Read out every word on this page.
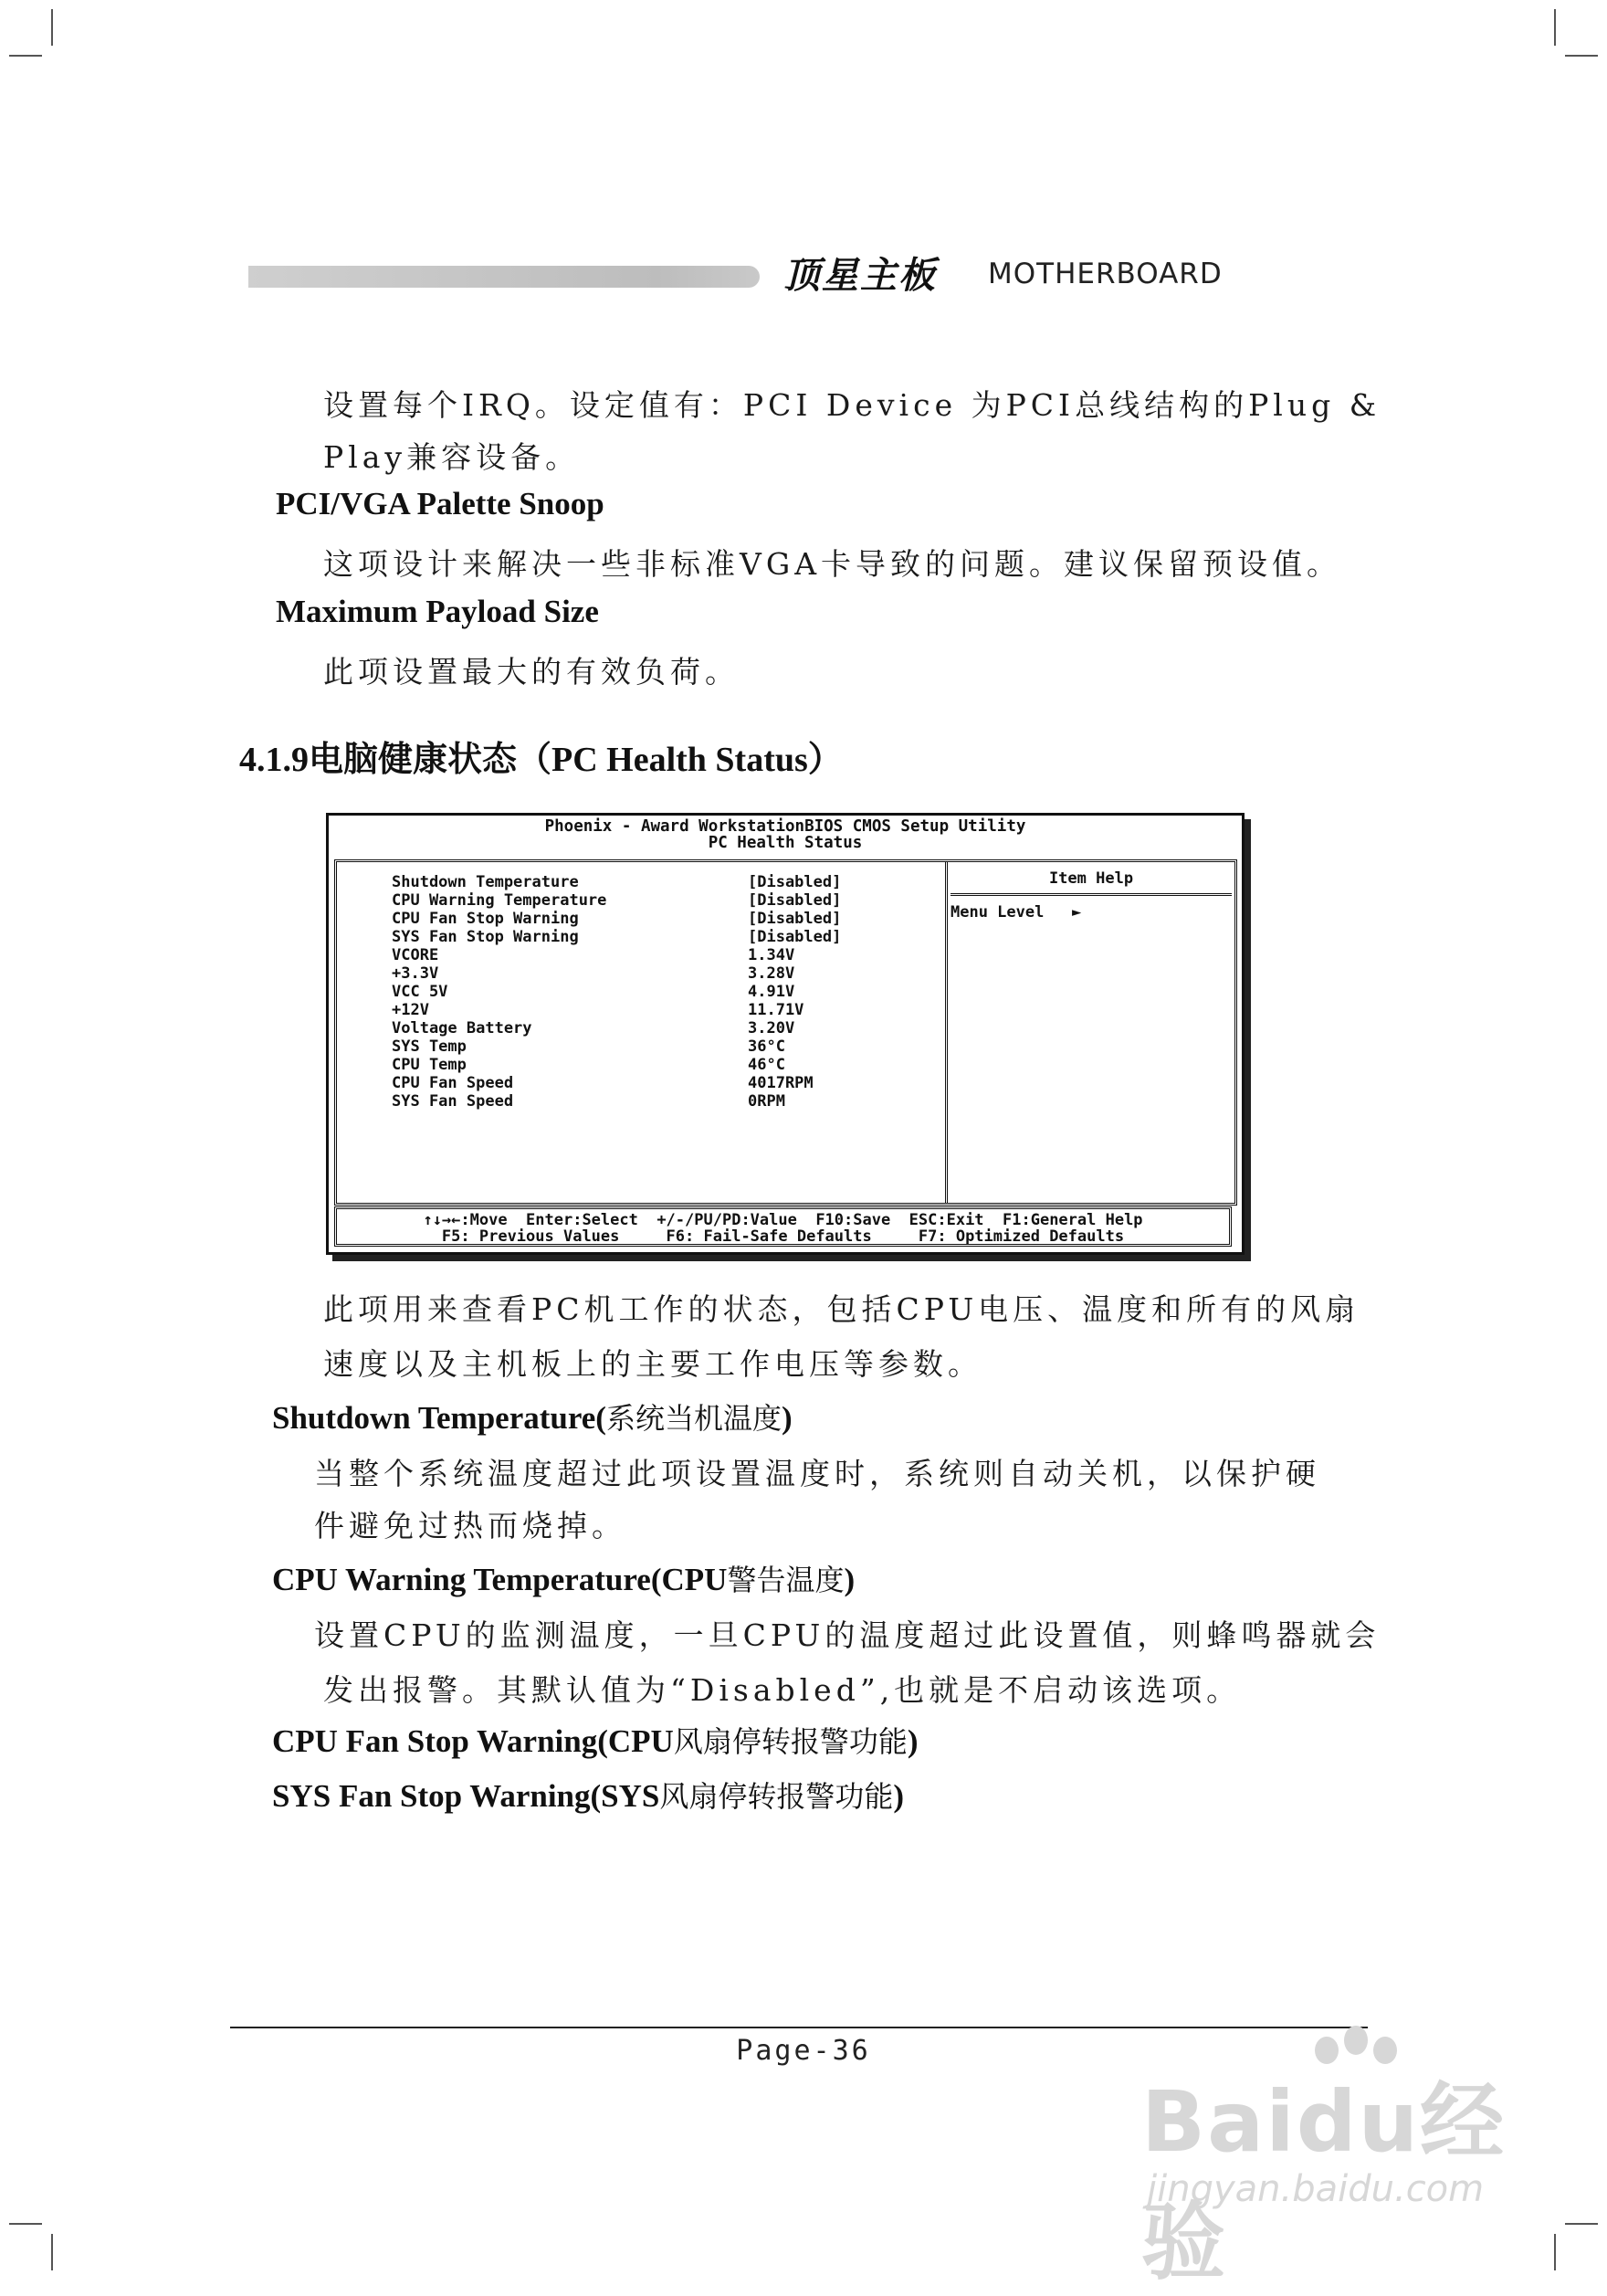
顶星主板 MOTHERBOARD
设置每个IRQ。设定值有：PCI Device 为PCI总线结构的Plug &
Play兼容设备。
PCI/VGA Palette Snoop
这项设计来解决一些非标准VGA卡导致的问题。建议保留预设值。
Maximum Payload Size
此项设置最大的有效负荷。
4.1.9电脑健康状态（PC Health Status）
Phoenix - Award WorkstationBIOS CMOS Setup Utility
PC Health Status
Shutdown Temperature	[Disabled]
CPU Warning Temperature	[Disabled]
CPU Fan Stop Warning	[Disabled]
SYS Fan Stop Warning	[Disabled]
VCORE	1.34V
+3.3V	3.28V
VCC 5V	4.91V
+12V	11.71V
Voltage Battery	3.20V
SYS Temp	36°C
CPU Temp	46°C
CPU Fan Speed	4017RPM
SYS Fan Speed	0RPM
Item Help
Menu Level   ►
↑↓→←:Move  Enter:Select  +/-/PU/PD:Value  F10:Save  ESC:Exit  F1:General Help
F5: Previous Values     F6: Fail-Safe Defaults     F7: Optimized Defaults
此项用来查看PC机工作的状态，包括CPU电压、温度和所有的风扇
速度以及主机板上的主要工作电压等参数。
Shutdown Temperature(系统当机温度)
当整个系统温度超过此项设置温度时，系统则自动关机，以保护硬
件避免过热而烧掉。
CPU Warning Temperature(CPU警告温度)
设置CPU的监测温度，一旦CPU的温度超过此设置值，则蜂鸣器就会
发出报警。其默认值为“Disabled”,也就是不启动该选项。
CPU Fan Stop Warning(CPU风扇停转报警功能)
SYS Fan Stop Warning(SYS风扇停转报警功能)
Page-36
Baidu经验
jingyan.baidu.com
